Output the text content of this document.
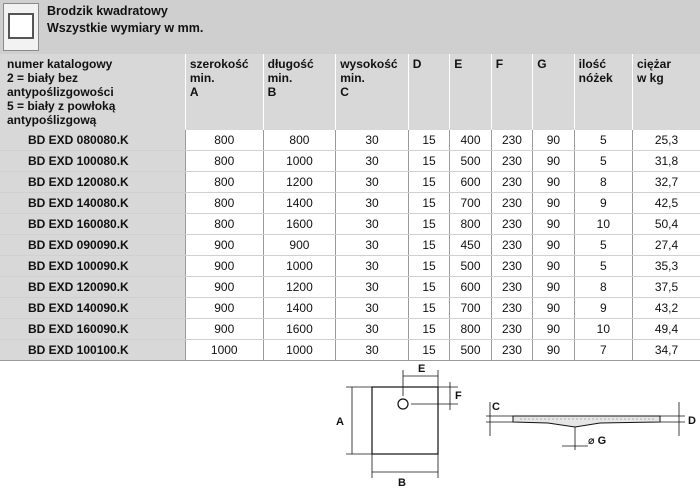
Brodzik kwadratowy
Wszystkie wymiary w mm.
numer katalogowy
2 = biały bez
antypoślizgowości
5 = biały z powłoką
antypoślizgową	szerokość
min.
A	długość
min.
B	wysokość
min.
C	D	E	F	G	ilość
nóżek	ciężar
w kg

BD EXD 080080.K	800	800	30	15	400	230	90	5	25,3
BD EXD 100080.K	800	1000	30	15	500	230	90	5	31,8
BD EXD 120080.K	800	1200	30	15	600	230	90	8	32,7
BD EXD 140080.K	800	1400	30	15	700	230	90	9	42,5
BD EXD 160080.K	800	1600	30	15	800	230	90	10	50,4
BD EXD 090090.K	900	900	30	15	450	230	90	5	27,4
BD EXD 100090.K	900	1000	30	15	500	230	90	5	35,3
BD EXD 120090.K	900	1200	30	15	600	230	90	8	37,5
BD EXD 140090.K	900	1400	30	15	700	230	90	9	43,2
BD EXD 160090.K	900	1600	30	15	800	230	90	10	49,4
BD EXD 100100.K	1000	1000	30	15	500	230	90	7	34,7
E
F
A
B
C
D
⌀ G
